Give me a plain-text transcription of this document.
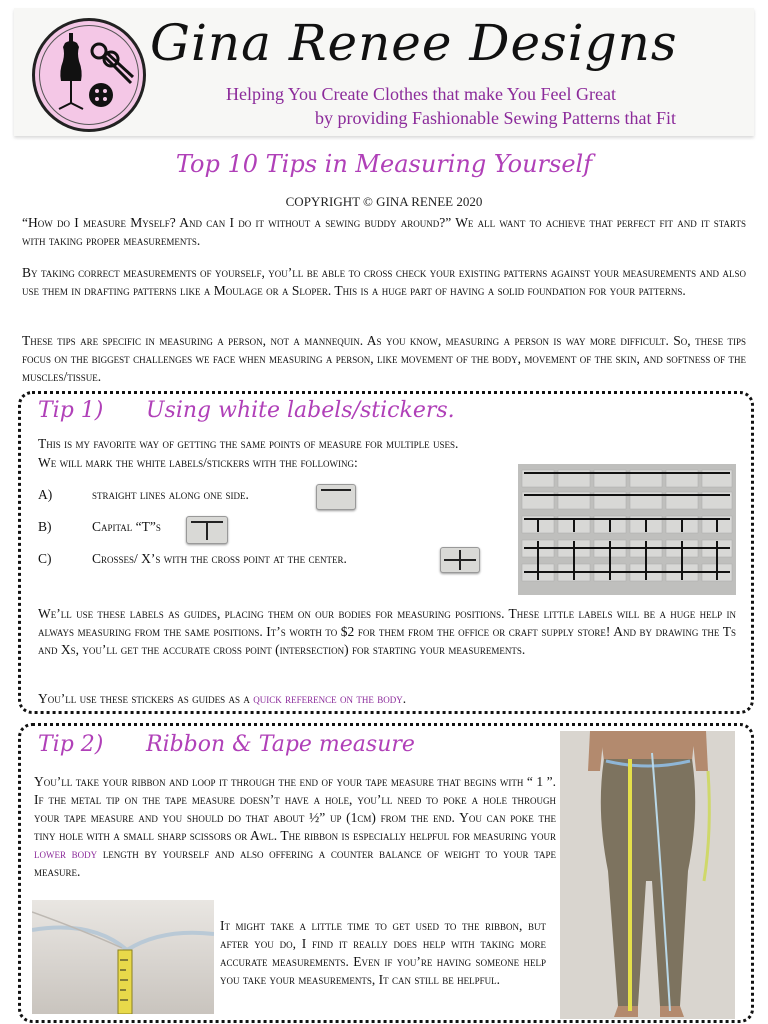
Gina Renee Designs
Helping You Create Clothes that make You Feel Great
by providing Fashionable Sewing Patterns that Fit
Top 10 Tips in Measuring Yourself
COPYRIGHT © GINA RENEE 2020
“How do I measure Myself? And can I do it without a sewing buddy around?” We all want to achieve that perfect fit and it starts with taking proper measurements.
By taking correct measurements of yourself, you’ll be able to cross check your existing patterns against your measurements and also use them in drafting patterns like a Moulage or a Sloper. This is a huge part of having a solid foundation for your patterns.
These tips are specific in measuring a person, not a mannequin. As you know, measuring a person is way more difficult. So, these tips focus on the biggest challenges we face when measuring a person, like movement of the body, movement of the skin, and softness of the muscles/tissue.
Tip 1) Using white labels/stickers.
This is my favorite way of getting the same points of measure for multiple uses.
We will mark the white labels/stickers with the following:
A)	straight lines along one side.
B)	Capital “T”s
C)	Crosses/ X’s with the cross point at the center.
We’ll use these labels as guides, placing them on our bodies for measuring positions. These little labels will be a huge help in always measuring from the same positions. It’s worth to $2 for them from the office or craft supply store! And by drawing the Ts and Xs, you’ll get the accurate cross point (intersection) for starting your measurements.
You’ll use these stickers as guides as a quick reference on the body.
Tip 2) Ribbon & Tape measure
You’ll take your ribbon and loop it through the end of your tape measure that begins with “ 1 ”. If the metal tip on the tape measure doesn’t have a hole, you’ll need to poke a hole through your tape measure and you should do that about ½” up (1cm) from the end. You can poke the tiny hole with a small sharp scissors or Awl. The ribbon is especially helpful for measuring your lower body length by yourself and also offering a counter balance of weight to your tape measure.
It might take a little time to get used to the ribbon, but after you do, I find it really does help with taking more accurate measurements. Even if you’re having someone help you take your measurements, It can still be helpful.
